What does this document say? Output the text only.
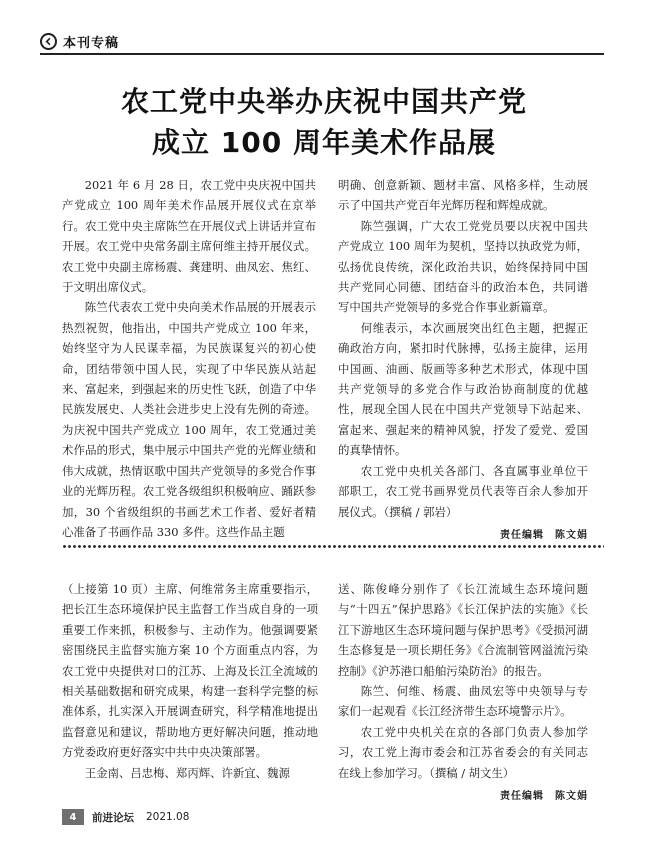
本刊专稿
农工党中央举办庆祝中国共产党
成立 100 周年美术作品展

2021 年 6 月 28 日，农工党中央庆祝中国共产党成立 100 周年美术作品展开展仪式在京举行。农工党中央主席陈竺在开展仪式上讲话并宣布开展。农工党中央常务副主席何维主持开展仪式。农工党中央副主席杨震、龚建明、曲凤宏、焦红、于文明出席仪式。

陈竺代表农工党中央向美术作品展的开展表示热烈祝贺，他指出，中国共产党成立 100 年来，始终坚守为人民谋幸福，为民族谋复兴的初心使命，团结带领中国人民，实现了中华民族从站起来、富起来，到强起来的历史性飞跃，创造了中华民族发展史、人类社会进步史上没有先例的奇迹。为庆祝中国共产党成立 100 周年，农工党通过美术作品的形式，集中展示中国共产党的光辉业绩和伟大成就，热情讴歌中国共产党领导的多党合作事业的光辉历程。农工党各级组织积极响应、踊跃参加，30 个省级组织的书画艺术工作者、爱好者精心准备了书画作品 330 多件。这些作品主题

明确、创意新颖、题材丰富、风格多样，生动展示了中国共产党百年光辉历程和辉煌成就。

陈竺强调，广大农工党党员要以庆祝中国共产党成立 100 周年为契机，坚持以执政党为师，弘扬优良传统，深化政治共识，始终保持同中国共产党同心同德、团结奋斗的政治本色，共同谱写中国共产党领导的多党合作事业新篇章。

何维表示，本次画展突出红色主题，把握正确政治方向，紧扣时代脉搏，弘扬主旋律，运用中国画、油画、版画等多种艺术形式，体现中国共产党领导的多党合作与政治协商制度的优越性，展现全国人民在中国共产党领导下站起来、富起来、强起来的精神风貌，抒发了爱党、爱国的真挚情怀。

农工党中央机关各部门、各直属事业单位干部职工，农工党书画界党员代表等百余人参加开展仪式。（撰稿 / 郭岩）

责任编辑　陈文娟

（上接第 10 页）主席、何维常务主席重要指示，把长江生态环境保护民主监督工作当成自身的一项重要工作来抓，积极参与、主动作为。他强调要紧密围绕民主监督实施方案 10 个方面重点内容，为农工党中央提供对口的江苏、上海及长江全流域的相关基础数据和研究成果，构建一套科学完整的标准体系，扎实深入开展调查研究，科学精准地提出监督意见和建议，帮助地方更好解决问题，推动地方党委政府更好落实中共中央决策部署。

王金南、吕忠梅、郑丙辉、许新宜、魏源

送、陈俊峰分别作了《长江流域生态环境问题与“十四五”保护思路》《长江保护法的实施》《长江下游地区生态环境问题与保护思考》《受损河湖生态修复是一项长期任务》《合流制管网溢流污染控制》《沪苏港口船舶污染防治》的报告。

陈竺、何维、杨震、曲凤宏等中央领导与专家们一起观看《长江经济带生态环境警示片》。

农工党中央机关在京的各部门负责人参加学习，农工党上海市委会和江苏省委会的有关同志在线上参加学习。（撰稿 / 胡文生）

责任编辑　陈文娟

4	前进论坛 2021.08
